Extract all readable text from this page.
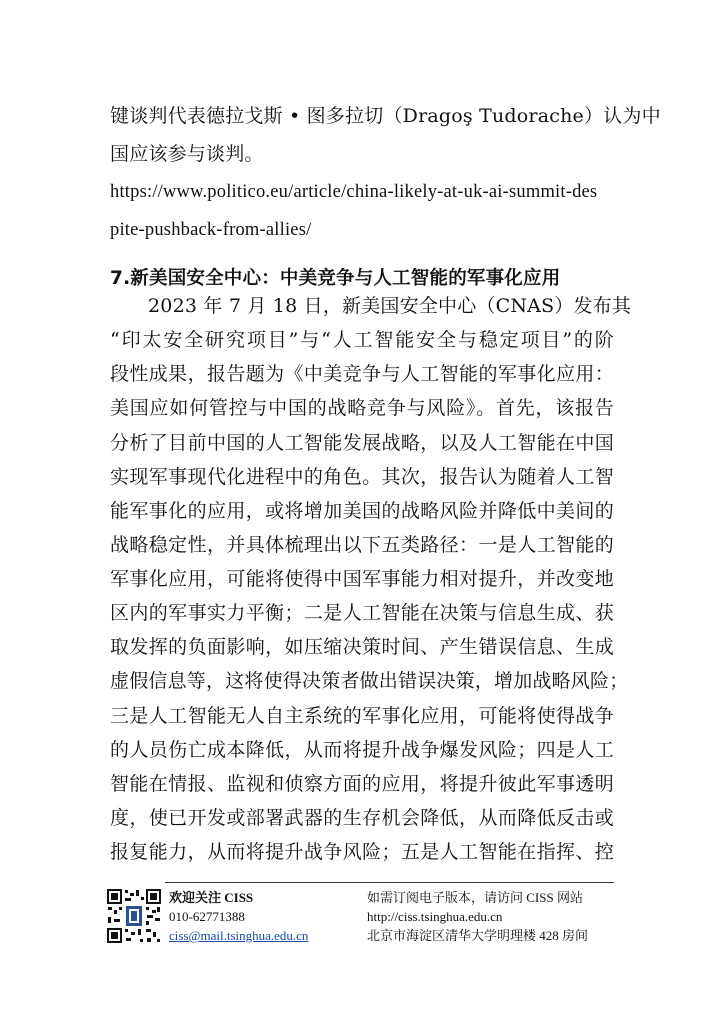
键谈判代表德拉戈斯 • 图多拉切（Dragoş Tudorache）认为中
国应该参与谈判。
https://www.politico.eu/article/china-likely-at-uk-ai-summit-des
pite-pushback-from-allies/
7.新美国安全中心：中美竞争与人工智能的军事化应用
2023 年 7 月 18 日，新美国安全中心（CNAS）发布其
“印太安全研究项目”与“人工智能安全与稳定项目”的阶
段性成果，报告题为《中美竞争与人工智能的军事化应用：
美国应如何管控与中国的战略竞争与风险》。首先，该报告
分析了目前中国的人工智能发展战略，以及人工智能在中国
实现军事现代化进程中的角色。其次，报告认为随着人工智
能军事化的应用，或将增加美国的战略风险并降低中美间的
战略稳定性，并具体梳理出以下五类路径：一是人工智能的
军事化应用，可能将使得中国军事能力相对提升，并改变地
区内的军事实力平衡；二是人工智能在决策与信息生成、获
取发挥的负面影响，如压缩决策时间、产生错误信息、生成
虚假信息等，这将使得决策者做出错误决策，增加战略风险；
三是人工智能无人自主系统的军事化应用，可能将使得战争
的人员伤亡成本降低，从而将提升战争爆发风险；四是人工
智能在情报、监视和侦察方面的应用，将提升彼此军事透明
度，使已开发或部署武器的生存机会降低，从而降低反击或
欢迎关注 CISS
010-62771388
ciss@mail.tsinghua.edu.cn
如需订阅电子版本，请访问 CISS 网站
http://ciss.tsinghua.edu.cn
北京市海淀区清华大学明理楼 428 房间
报复能力，从而将提升战争风险；五是人工智能在指挥、控
